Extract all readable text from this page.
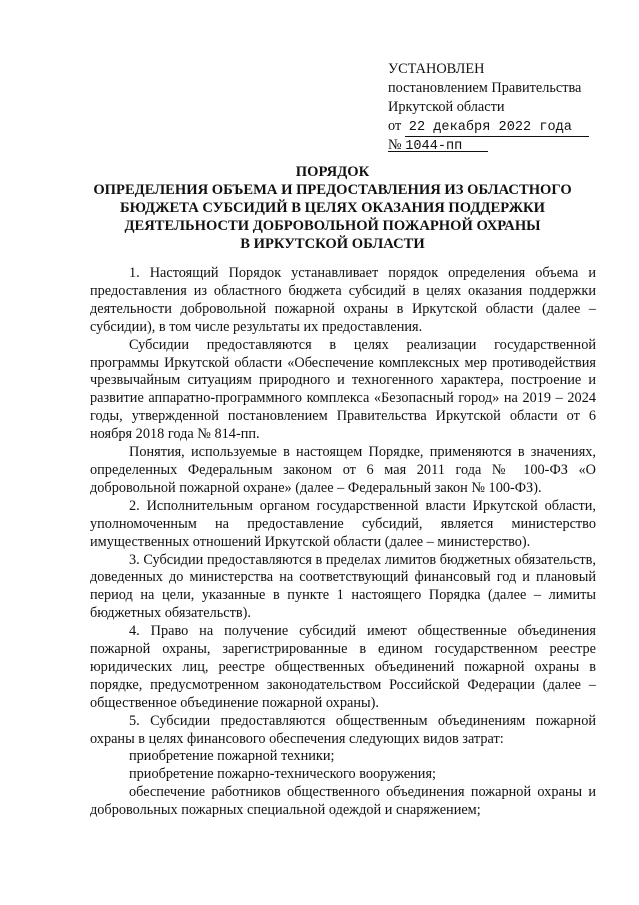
УСТАНОВЛЕН
постановлением Правительства
Иркутской области
от 22 декабря 2022 года
№ 1044-пп
ПОРЯДОК
ОПРЕДЕЛЕНИЯ ОБЪЕМА И ПРЕДОСТАВЛЕНИЯ ИЗ ОБЛАСТНОГО
БЮДЖЕТА СУБСИДИЙ В ЦЕЛЯХ ОКАЗАНИЯ ПОДДЕРЖКИ
ДЕЯТЕЛЬНОСТИ ДОБРОВОЛЬНОЙ ПОЖАРНОЙ ОХРАНЫ
В ИРКУТСКОЙ ОБЛАСТИ

1. Настоящий Порядок устанавливает порядок определения объема и предоставления из областного бюджета субсидий в целях оказания поддержки деятельности добровольной пожарной охраны в Иркутской области (далее – субсидии), в том числе результаты их предоставления.

Субсидии предоставляются в целях реализации государственной программы Иркутской области «Обеспечение комплексных мер противодействия чрезвычайным ситуациям природного и техногенного характера, построение и развитие аппаратно-программного комплекса «Безопасный город» на 2019 – 2024 годы, утвержденной постановлением Правительства Иркутской области от 6 ноября 2018 года № 814-пп.

Понятия, используемые в настоящем Порядке, применяются в значениях, определенных Федеральным законом от 6 мая 2011 года № 100-ФЗ «О добровольной пожарной охране» (далее – Федеральный закон № 100-ФЗ).

2. Исполнительным органом государственной власти Иркутской области, уполномоченным на предоставление субсидий, является министерство имущественных отношений Иркутской области (далее – министерство).

3. Субсидии предоставляются в пределах лимитов бюджетных обязательств, доведенных до министерства на соответствующий финансовый год и плановый период на цели, указанные в пункте 1 настоящего Порядка (далее – лимиты бюджетных обязательств).

4. Право на получение субсидий имеют общественные объединения пожарной охраны, зарегистрированные в едином государственном реестре юридических лиц, реестре общественных объединений пожарной охраны в порядке, предусмотренном законодательством Российской Федерации (далее – общественное объединение пожарной охраны).

5. Субсидии предоставляются общественным объединениям пожарной охраны в целях финансового обеспечения следующих видов затрат:

приобретение пожарной техники;

приобретение пожарно-технического вооружения;

обеспечение работников общественного объединения пожарной охраны и добровольных пожарных специальной одеждой и снаряжением;
